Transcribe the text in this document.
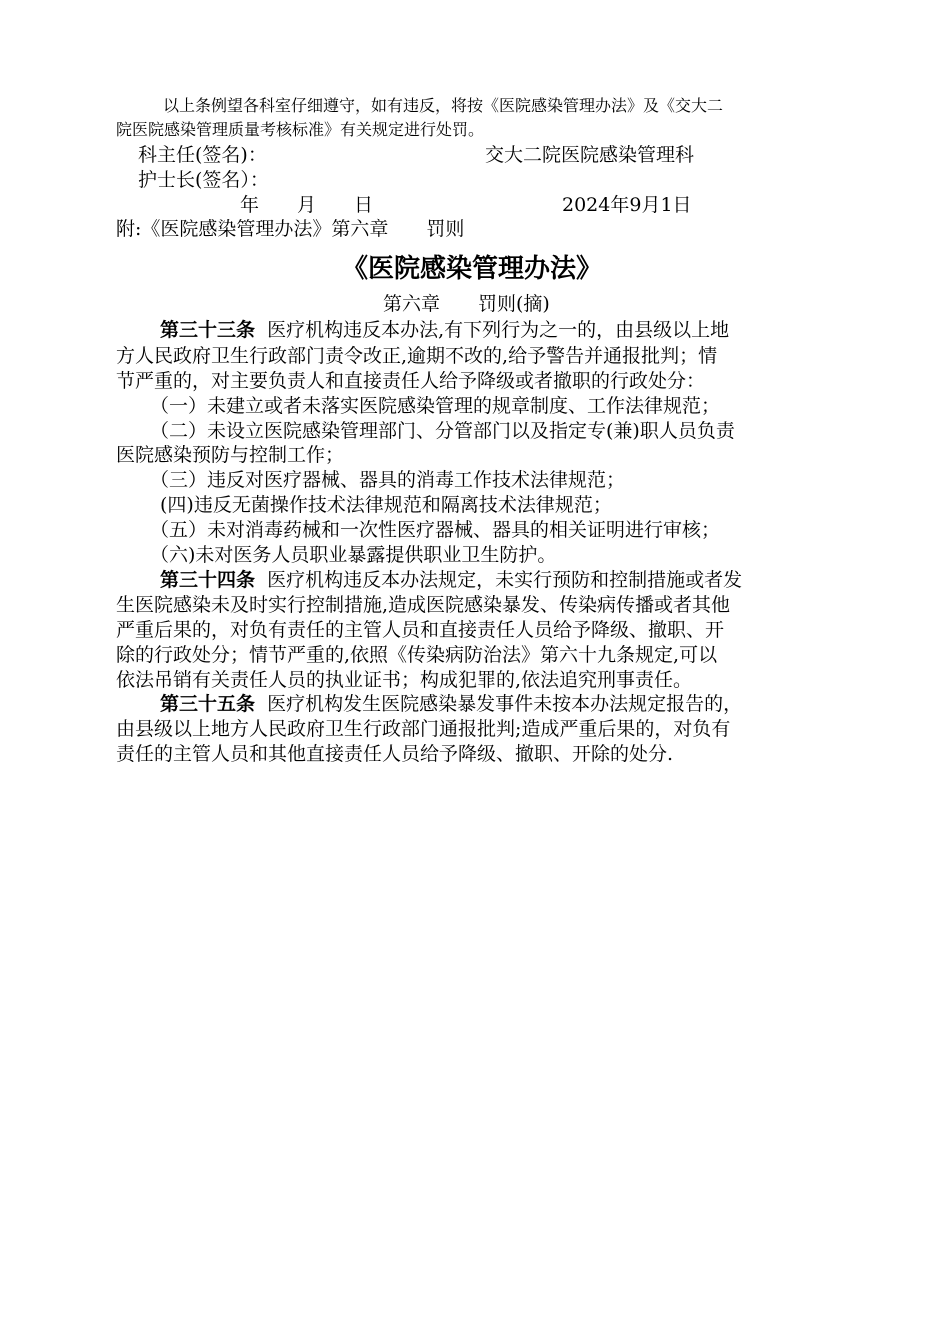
以上条例望各科室仔细遵守，如有违反，将按《医院感染管理办法》及《交大二
院医院感染管理质量考核标准》有关规定进行处罚。
科主任(签名)：	交大二院医院感染管理科
护士长(签名）：
年　　月　　日	2024年9月1日
附:《医院感染管理办法》第六章　　罚则
《医院感染管理办法》
第六章　　罚则(摘)
第三十三条 医疗机构违反本办法,有下列行为之一的，由县级以上地
方人民政府卫生行政部门责令改正,逾期不改的,给予警告并通报批判；情
节严重的，对主要负责人和直接责任人给予降级或者撤职的行政处分：
（一）未建立或者未落实医院感染管理的规章制度、工作法律规范；
（二）未设立医院感染管理部门、分管部门以及指定专(兼)职人员负责
医院感染预防与控制工作；
（三）违反对医疗器械、器具的消毒工作技术法律规范；
(四)违反无菌操作技术法律规范和隔离技术法律规范；
（五）未对消毒药械和一次性医疗器械、器具的相关证明进行审核；
（六)未对医务人员职业暴露提供职业卫生防护。
第三十四条 医疗机构违反本办法规定，未实行预防和控制措施或者发
生医院感染未及时实行控制措施,造成医院感染暴发、传染病传播或者其他
严重后果的，对负有责任的主管人员和直接责任人员给予降级、撤职、开
除的行政处分；情节严重的,依照《传染病防治法》第六十九条规定,可以
依法吊销有关责任人员的执业证书；构成犯罪的,依法追究刑事责任。
第三十五条 医疗机构发生医院感染暴发事件未按本办法规定报告的，
由县级以上地方人民政府卫生行政部门通报批判;造成严重后果的，对负有
责任的主管人员和其他直接责任人员给予降级、撤职、开除的处分.
